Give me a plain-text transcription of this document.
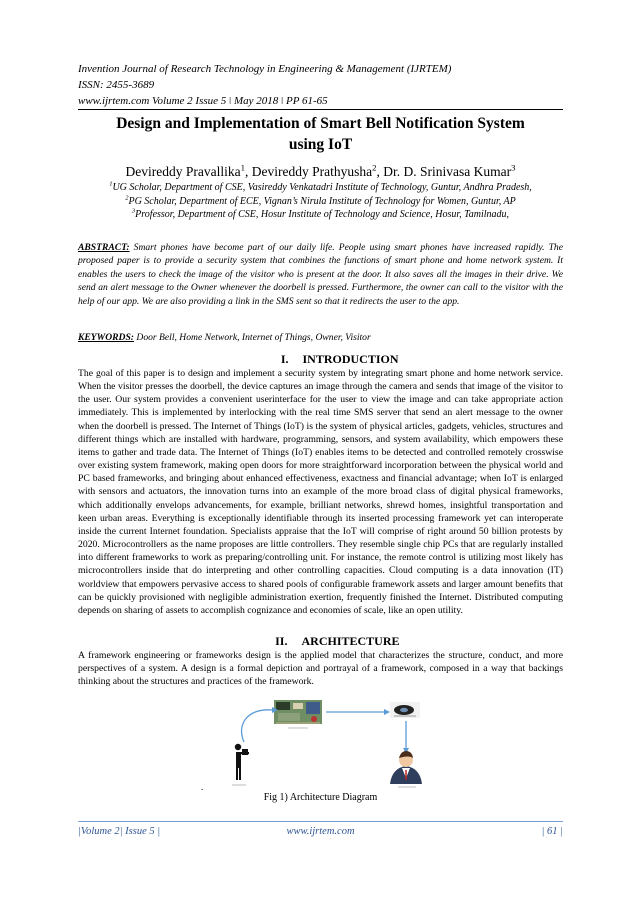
Invention Journal of Research Technology in Engineering & Management (IJRTEM)
ISSN: 2455-3689
www.ijrtem.com Volume 2 Issue 5 ǀ May 2018 ǀ PP 61-65
Design and Implementation of Smart Bell Notification System
using IoT
Devireddy Pravallika$^1$, Devireddy Prathyusha$^2$, Dr. D. Srinivasa Kumar$^3$
$^1$UG Scholar, Department of CSE, Vasireddy Venkatadri Institute of Technology, Guntur, Andhra Pradesh,
$^2$PG Scholar, Department of ECE, Vignan’s Nirula Institute of Technology for Women, Guntur, AP
$^3$Professor, Department of CSE, Hosur Institute of Technology and Science, Hosur, Tamilnadu,
ABSTRACT: Smart phones have become part of our daily life. People using smart phones have increased rapidly. The proposed paper is to provide a security system that combines the functions of smart phone and home network system. It enables the users to check the image of the visitor who is present at the door. It also saves all the images in their drive. We send an alert message to the Owner whenever the doorbell is pressed. Furthermore, the owner can call to the visitor with the help of our app. We are also providing a link in the SMS sent so that it redirects the user to the app.
KEYWORDS: Door Bell, Home Network, Internet of Things, Owner, Visitor
I. INTRODUCTION
The goal of this paper is to design and implement a security system by integrating smart phone and home network service. When the visitor presses the doorbell, the device captures an image through the camera and sends that image of the visitor to the user. Our system provides a convenient userinterface for the user to view the image and can take appropriate action immediately. This is implemented by interlocking with the real time SMS server that send an alert message to the owner when the doorbell is pressed. The Internet of Things (IoT) is the system of physical articles, gadgets, vehicles, structures and different things which are installed with hardware, programming, sensors, and system availability, which empowers these items to gather and trade data. The Internet of Things (IoT) enables items to be detected and controlled remotely crosswise over existing system framework, making open doors for more straightforward incorporation between the physical world and PC based frameworks, and bringing about enhanced effectiveness, exactness and financial advantage; when IoT is enlarged with sensors and actuators, the innovation turns into an example of the more broad class of digital physical frameworks, which additionally envelops advancements, for example, brilliant networks, shrewd homes, insightful transportation and keen urban areas. Everything is exceptionally identifiable through its inserted processing framework yet can interoperate inside the current Internet foundation. Specialists appraise that the IoT will comprise of right around 50 billion protests by 2020. Microcontrollers as the name proposes are little controllers. They resemble single chip PCs that are regularly installed into different frameworks to work as preparing/controlling unit. For instance, the remote control is utilizing most likely has microcontrollers inside that do interpreting and other controlling capacities. Cloud computing is a data innovation (IT) worldview that empowers pervasive access to shared pools of configurable framework assets and larger amount benefits that can be quickly provisioned with negligible administration exertion, frequently finished the Internet. Distributed computing depends on sharing of assets to accomplish cognizance and economies of scale, like an open utility.
II. ARCHITECTURE
A framework engineering or frameworks design is the applied model that characterizes the structure, conduct, and more perspectives of a system. A design is a formal depiction and portrayal of a framework, composed in a way that backings thinking about the structures and practices of the framework.
.
Fig 1) Architecture Diagram
|Volume 2| Issue 5 |	www.ijrtem.com	| 61 |
